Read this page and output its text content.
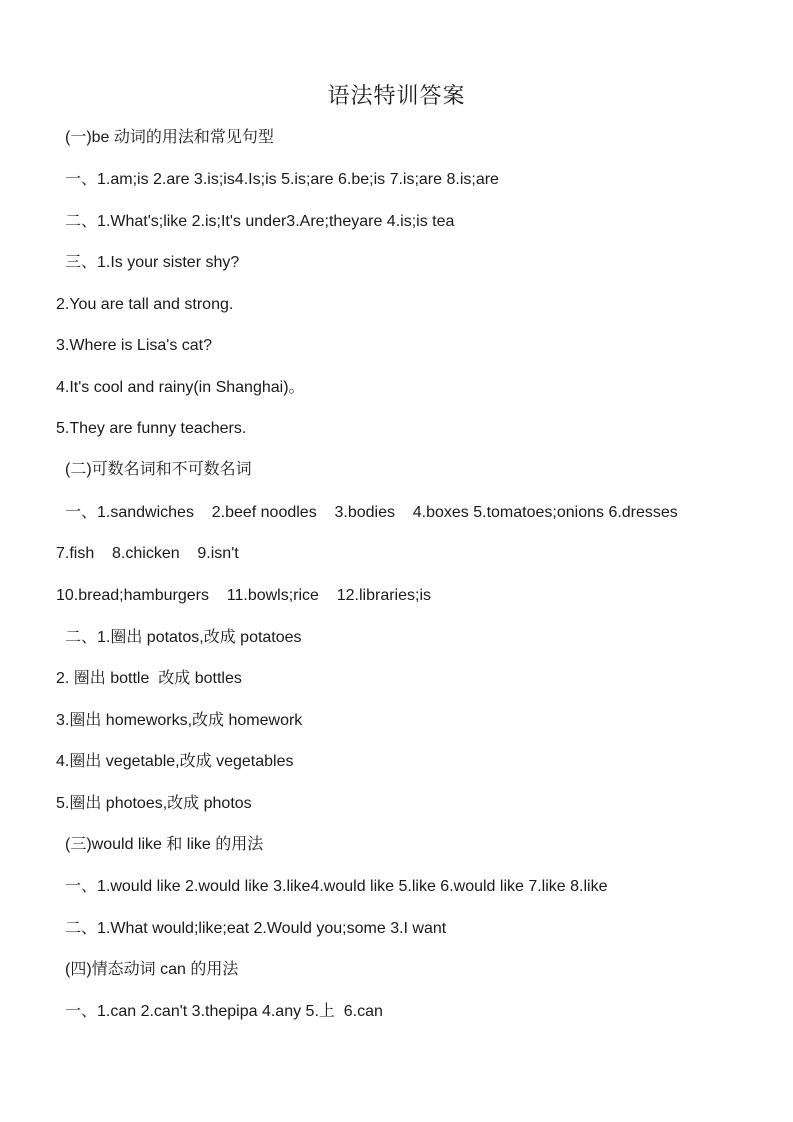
语法特训答案
(一)be 动词的用法和常见句型
一、1.am;is 2.are 3.is;is4.Is;is 5.is;are 6.be;is 7.is;are 8.is;are
二、1.What's;like 2.is;It's under3.Are;theyare 4.is;is tea
三、1.Is your sister shy?
2.You are tall and strong.
3.Where is Lisa's cat?
4.It's cool and rainy(in Shanghai)。
5.They are funny teachers.
(二)可数名词和不可数名词
一、1.sandwiches    2.beef noodles    3.bodies    4.boxes 5.tomatoes;onions 6.dresses
7.fish    8.chicken    9.isn't
10.bread;hamburgers    11.bowls;rice    12.libraries;is
二、1.圈出 potatos,改成 potatoes
2. 圈出 bottle  改成 bottles
3.圈出 homeworks,改成 homework
4.圈出 vegetable,改成 vegetables
5.圈出 photoes,改成 photos
(三)would like 和 like 的用法
一、1.would like 2.would like 3.like4.would like 5.like 6.would like 7.like 8.like
二、1.What would;like;eat 2.Would you;some 3.I want
(四)情态动词 can 的用法
一、1.can 2.can't 3.thepipa 4.any 5.上  6.can
